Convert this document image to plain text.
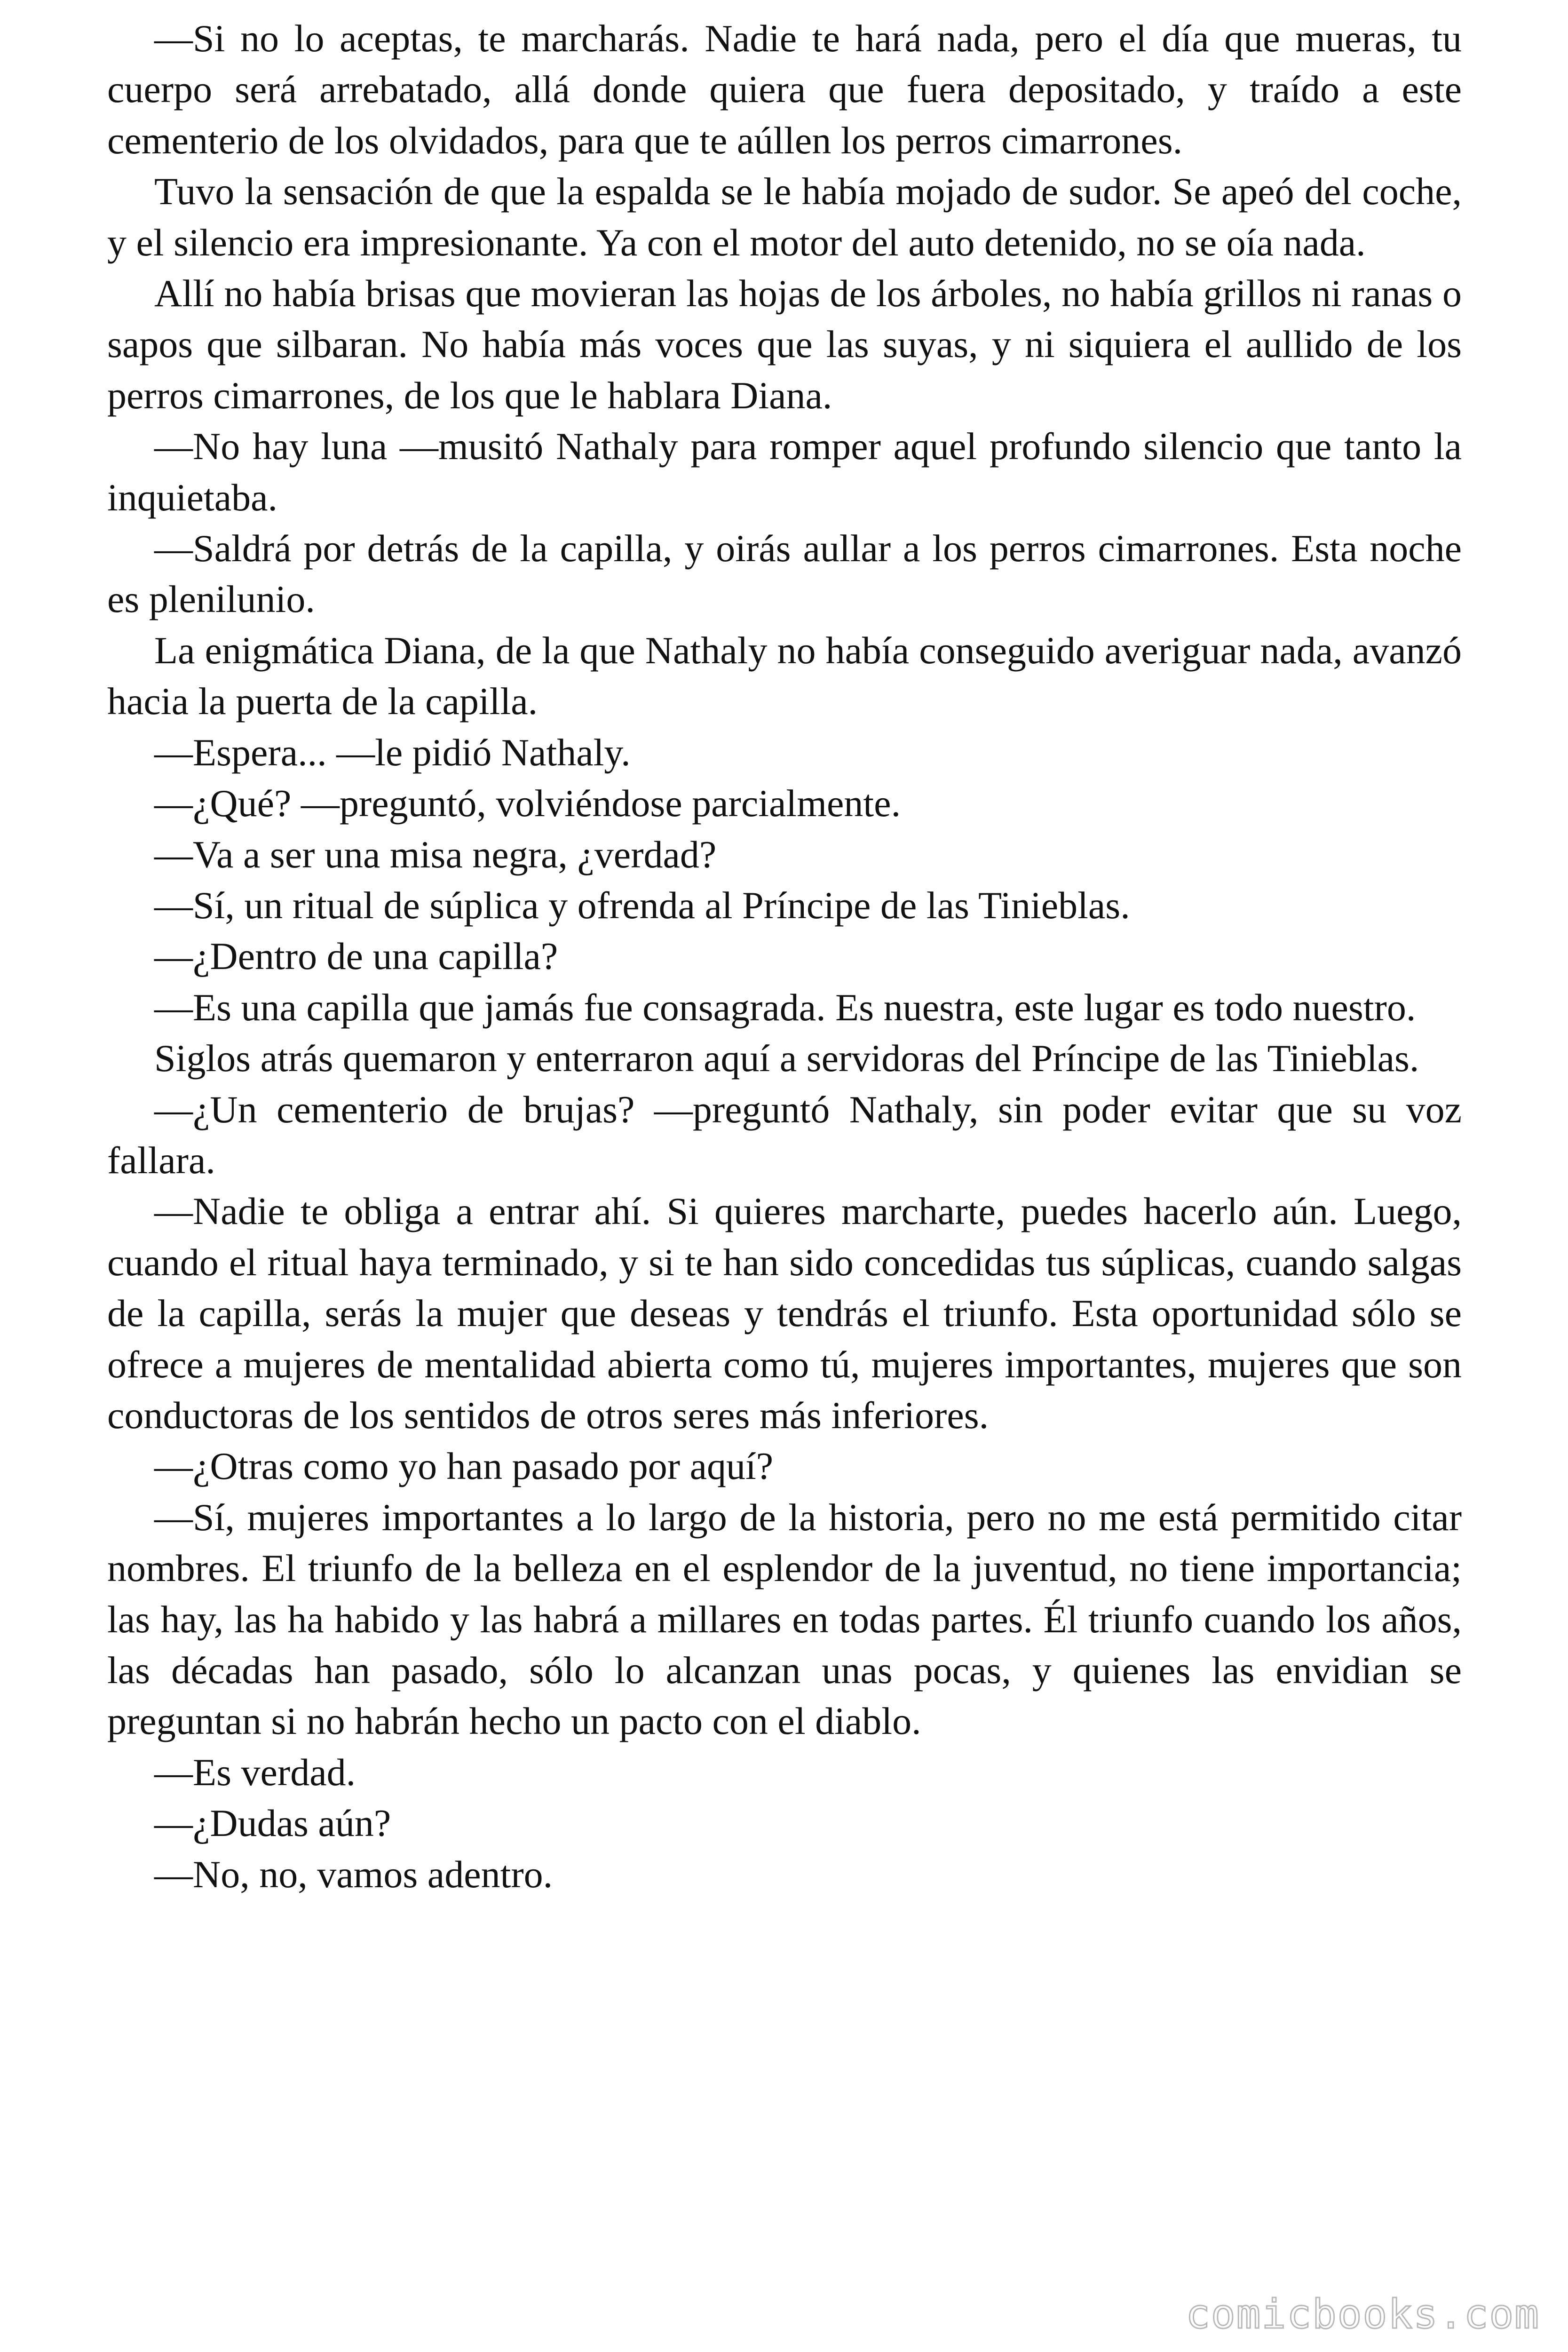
—Si no lo aceptas, te marcharás. Nadie te hará nada, pero el día que mueras, tu cuerpo será arrebatado, allá donde quiera que fuera depositado, y traído a este cementerio de los olvidados, para que te aúllen los perros cimarrones.

Tuvo la sensación de que la espalda se le había mojado de sudor. Se apeó del coche, y el silencio era impresionante. Ya con el motor del auto detenido, no se oía nada.

Allí no había brisas que movieran las hojas de los árboles, no había grillos ni ranas o sapos que silbaran. No había más voces que las suyas, y ni siquiera el aullido de los perros cimarrones, de los que le hablara Diana.

—No hay luna —musitó Nathaly para romper aquel profundo silencio que tanto la inquietaba.

—Saldrá por detrás de la capilla, y oirás aullar a los perros cimarrones. Esta noche es plenilunio.

La enigmática Diana, de la que Nathaly no había conseguido averiguar nada, avanzó hacia la puerta de la capilla.

—Espera... —le pidió Nathaly.

—¿Qué? —preguntó, volviéndose parcialmente.

—Va a ser una misa negra, ¿verdad?

—Sí, un ritual de súplica y ofrenda al Príncipe de las Tinieblas.

—¿Dentro de una capilla?

—Es una capilla que jamás fue consagrada. Es nuestra, este lugar es todo nuestro.

Siglos atrás quemaron y enterraron aquí a servidoras del Príncipe de las Tinieblas.

—¿Un cementerio de brujas? —preguntó Nathaly, sin poder evitar que su voz fallara.

—Nadie te obliga a entrar ahí. Si quieres marcharte, puedes hacerlo aún. Luego, cuando el ritual haya terminado, y si te han sido concedidas tus súplicas, cuando salgas de la capilla, serás la mujer que deseas y tendrás el triunfo. Esta oportunidad sólo se ofrece a mujeres de mentalidad abierta como tú, mujeres importantes, mujeres que son conductoras de los sentidos de otros seres más inferiores.

—¿Otras como yo han pasado por aquí?

—Sí, mujeres importantes a lo largo de la historia, pero no me está permitido citar nombres. El triunfo de la belleza en el esplendor de la juventud, no tiene importancia; las hay, las ha habido y las habrá a millares en todas partes. Él triunfo cuando los años, las décadas han pasado, sólo lo alcanzan unas pocas, y quienes las envidian se preguntan si no habrán hecho un pacto con el diablo.

—Es verdad.

—¿Dudas aún?

—No, no, vamos adentro.

comicbooks.com
